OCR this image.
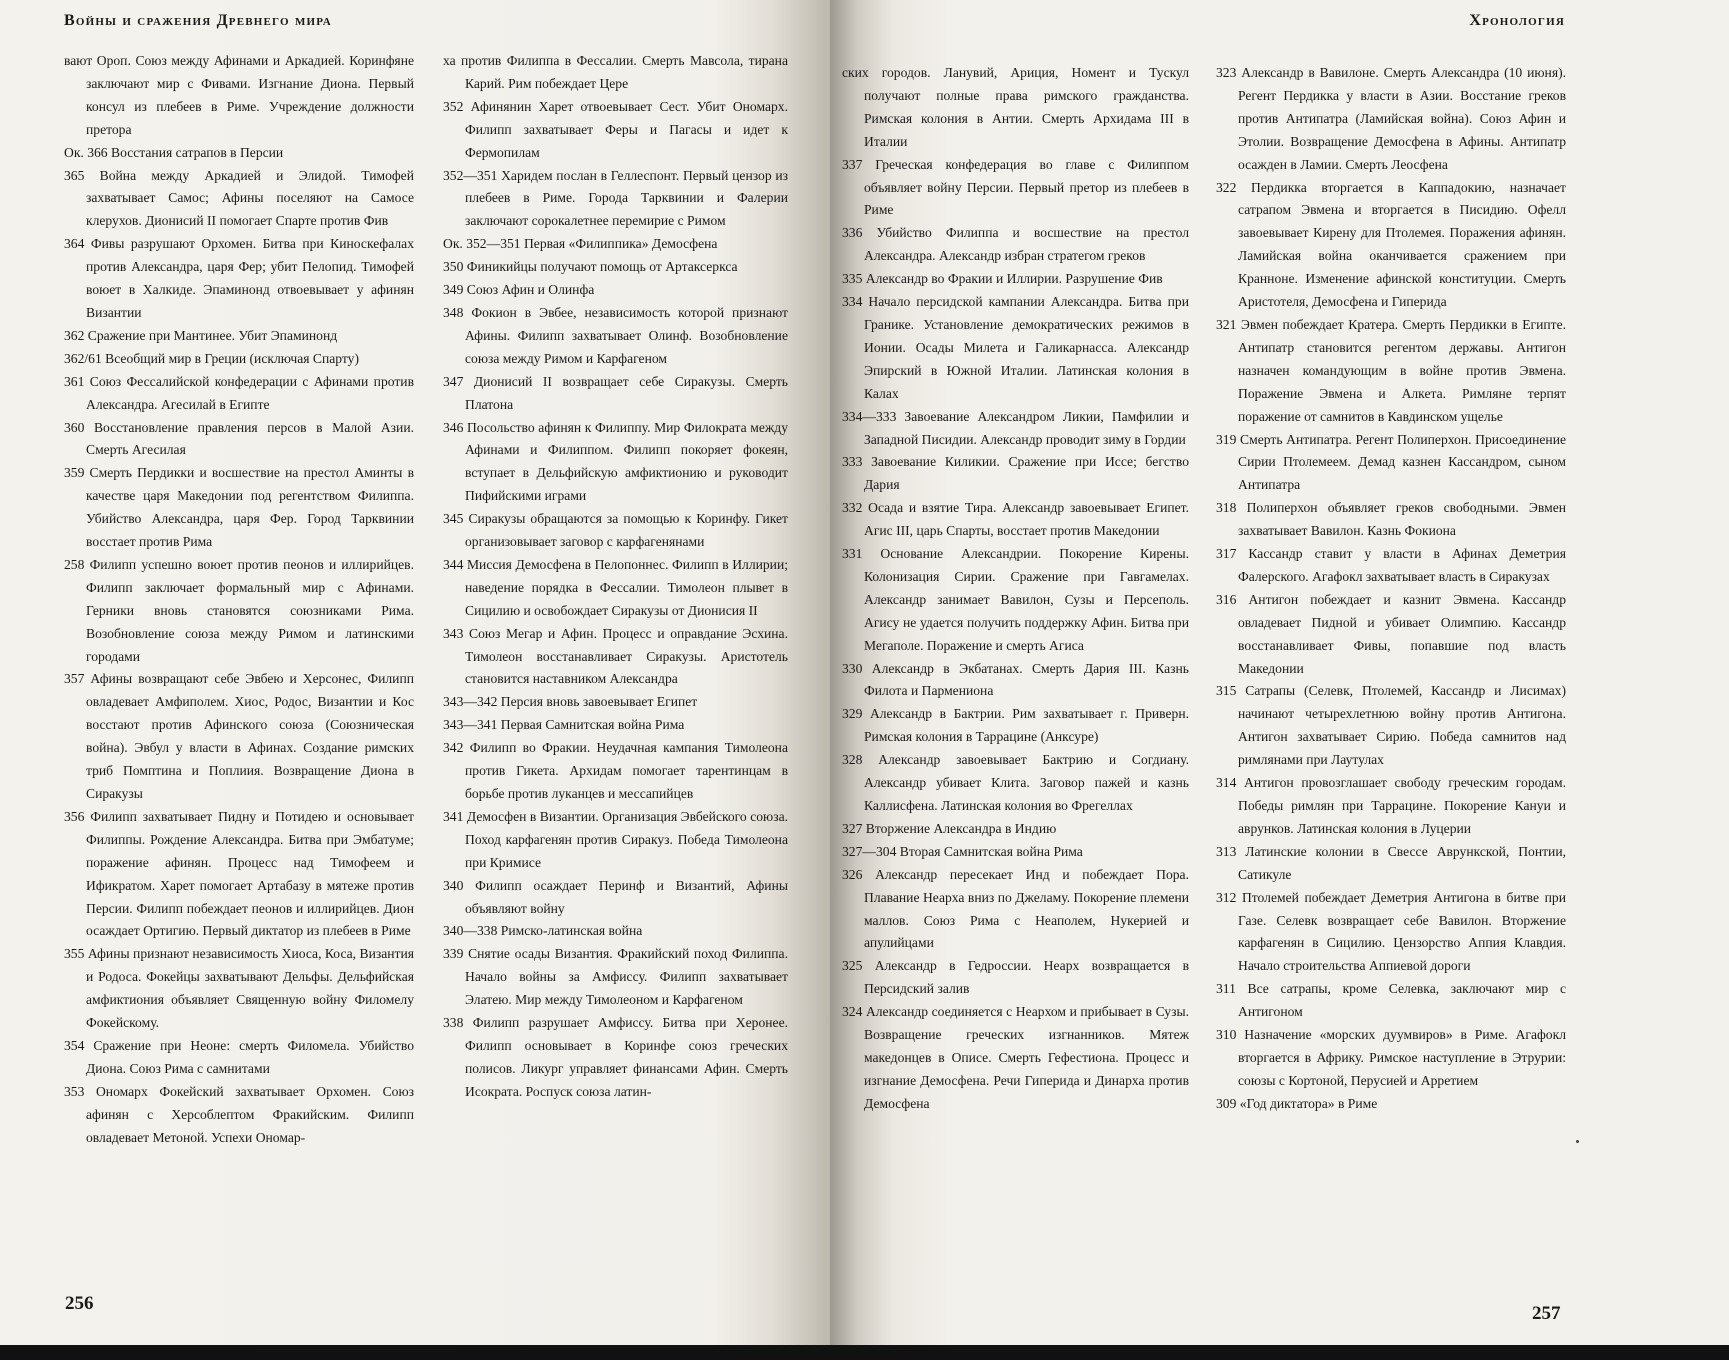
Войны и сражения Древнего мира

вают Ороп. Союз между Афинами и Аркадией. Коринфяне заключают мир с Фивами. Изгнание Диона. Первый консул из плебеев в Риме. Учреждение должности претора

Ок. 366 Восстания сатрапов в Персии

365 Война между Аркадией и Элидой. Тимофей захватывает Самос; Афины поселяют на Самосе клерухов. Дионисий II помогает Спарте против Фив

364 Фивы разрушают Орхомен. Битва при Киноскефалах против Александра, царя Фер; убит Пелопид. Тимофей воюет в Халкиде. Эпаминонд отвоевывает у афинян Византии

362 Сражение при Мантинее. Убит Эпаминонд

362/61 Всеобщий мир в Греции (исключая Спарту)

361 Союз Фессалийской конфедерации с Афинами против Александра. Агесилай в Египте

360 Восстановление правления персов в Малой Азии. Смерть Агесилая

359 Смерть Пердикки и восшествие на престол Аминты в качестве царя Македонии под регентством Филиппа. Убийство Александра, царя Фер. Город Тарквинии восстает против Рима

258 Филипп успешно воюет против пеонов и иллирийцев. Филипп заключает формальный мир с Афинами. Герники вновь становятся союзниками Рима. Возобновление союза между Римом и латинскими городами

357 Афины возвращают себе Эвбею и Херсонес, Филипп овладевает Амфиполем. Хиос, Родос, Византии и Кос восстают против Афинского союза (Союзническая война). Эвбул у власти в Афинах. Создание римских триб Помптина и Поплиия. Возвращение Диона в Сиракузы

356 Филипп захватывает Пидну и Потидею и основывает Филиппы. Рождение Александра. Битва при Эмбатуме; поражение афинян. Процесс над Тимофеем и Ификратом. Харет помогает Артабазу в мятеже против Персии. Филипп побеждает пеонов и иллирийцев. Дион осаждает Ортигию. Первый диктатор из плебеев в Риме

355 Афины признают независимость Хиоса, Коса, Византия и Родоса. Фокейцы захватывают Дельфы. Дельфийская амфиктиония объявляет Священную войну Филомелу Фокейскому.

354 Сражение при Неоне: смерть Филомела. Убийство Диона. Союз Рима с самнитами

353 Ономарх Фокейский захватывает Орхомен. Союз афинян с Херсоблептом Фракийским. Филипп овладевает Метоной. Успехи Ономар-

ха против Филиппа в Фессалии. Смерть Мавсола, тирана Карий. Рим побеждает Цере

352 Афинянин Харет отвоевывает Сест. Убит Ономарх. Филипп захватывает Феры и Пагасы и идет к Фермопилам

352—351 Харидем послан в Геллеспонт. Первый цензор из плебеев в Риме. Города Тарквинии и Фалерии заключают сорокалетнее перемирие с Римом

Ок. 352—351 Первая «Филиппика» Демосфена

350 Финикийцы получают помощь от Артаксеркса

349 Союз Афин и Олинфа

348 Фокион в Эвбее, независимость которой признают Афины. Филипп захватывает Олинф. Возобновление союза между Римом и Карфагеном

347 Дионисий II возвращает себе Сиракузы. Смерть Платона

346 Посольство афинян к Филиппу. Мир Филократа между Афинами и Филиппом. Филипп покоряет фокеян, вступает в Дельфийскую амфиктионию и руководит Пифийскими играми

345 Сиракузы обращаются за помощью к Коринфу. Гикет организовывает заговор с карфагенянами

344 Миссия Демосфена в Пелопоннес. Филипп в Иллирии; наведение порядка в Фессалии. Тимолеон плывет в Сицилию и освобождает Сиракузы от Дионисия II

343 Союз Мегар и Афин. Процесс и оправдание Эсхина. Тимолеон восстанавливает Сиракузы. Аристотель становится наставником Александра

343—342 Персия вновь завоевывает Египет

343—341 Первая Самнитская война Рима

342 Филипп во Фракии. Неудачная кампания Тимолеона против Гикета. Архидам помогает тарентинцам в борьбе против луканцев и мессапийцев

341 Демосфен в Византии. Организация Эвбейского союза. Поход карфагенян против Сиракуз. Победа Тимолеона при Кримисе

340 Филипп осаждает Перинф и Византий, Афины объявляют войну

340—338 Римско-латинская война

339 Снятие осады Византия. Фракийский поход Филиппа. Начало войны за Амфиссу. Филипп захватывает Элатею. Мир между Тимолеоном и Карфагеном

338 Филипп разрушает Амфиссу. Битва при Херонее. Филипп основывает в Коринфе союз греческих полисов. Ликург управляет финансами Афин. Смерть Исократа. Роспуск союза латин-

256
Хронология

ских городов. Ланувий, Ариция, Номент и Тускул получают полные права римского гражданства. Римская колония в Антии. Смерть Архидама III в Италии

337 Греческая конфедерация во главе с Филиппом объявляет войну Персии. Первый претор из плебеев в Риме

336 Убийство Филиппа и восшествие на престол Александра. Александр избран стратегом греков

335 Александр во Фракии и Иллирии. Разрушение Фив

334 Начало персидской кампании Александра. Битва при Гранике. Установление демократических режимов в Ионии. Осады Милета и Галикарнасса. Александр Эпирский в Южной Италии. Латинская колония в Калах

334—333 Завоевание Александром Ликии, Памфилии и Западной Писидии. Александр проводит зиму в Гордии

333 Завоевание Киликии. Сражение при Иссе; бегство Дария

332 Осада и взятие Тира. Александр завоевывает Египет. Агис III, царь Спарты, восстает против Македонии

331 Основание Александрии. Покорение Кирены. Колонизация Сирии. Сражение при Гавгамелах. Александр занимает Вавилон, Сузы и Персеполь. Агису не удается получить поддержку Афин. Битва при Мегаполе. Поражение и смерть Агиса

330 Александр в Экбатанах. Смерть Дария III. Казнь Филота и Пармениона

329 Александр в Бактрии. Рим захватывает г. Приверн. Римская колония в Таррацине (Анксуре)

328 Александр завоевывает Бактрию и Согдиану. Александр убивает Клита. Заговор пажей и казнь Каллисфена. Латинская колония во Фрегеллах

327 Вторжение Александра в Индию

327—304 Вторая Самнитская война Рима

326 Александр пересекает Инд и побеждает Пора. Плавание Неарха вниз по Джеламу. Покорение племени маллов. Союз Рима с Неаполем, Нукерией и апулийцами

325 Александр в Гедроссии. Неарх возвращается в Персидский залив

324 Александр соединяется с Неархом и прибывает в Сузы. Возвращение греческих изгнанников. Мятеж македонцев в Описе. Смерть Гефестиона. Процесс и изгнание Демосфена. Речи Гиперида и Динарха против Демосфена

323 Александр в Вавилоне. Смерть Александра (10 июня). Регент Пердикка у власти в Азии. Восстание греков против Антипатра (Ламийская война). Союз Афин и Этолии. Возвращение Демосфена в Афины. Антипатр осажден в Ламии. Смерть Леосфена

322 Пердикка вторгается в Каппадокию, назначает сатрапом Эвмена и вторгается в Писидию. Офелл завоевывает Кирену для Птолемея. Поражения афинян. Ламийская война оканчивается сражением при Кранноне. Изменение афинской конституции. Смерть Аристотеля, Демосфена и Гиперида

321 Эвмен побеждает Кратера. Смерть Пердикки в Египте. Антипатр становится регентом державы. Антигон назначен командующим в войне против Эвмена. Поражение Эвмена и Алкета. Римляне терпят поражение от самнитов в Кавдинском ущелье

319 Смерть Антипатра. Регент Полиперхон. Присоединение Сирии Птолемеем. Демад казнен Кассандром, сыном Антипатра

318 Полиперхон объявляет греков свободными. Эвмен захватывает Вавилон. Казнь Фокиона

317 Кассандр ставит у власти в Афинах Деметрия Фалерского. Агафокл захватывает власть в Сиракузах

316 Антигон побеждает и казнит Эвмена. Кассандр овладевает Пидной и убивает Олимпию. Кассандр восстанавливает Фивы, попавшие под власть Македонии

315 Сатрапы (Селевк, Птолемей, Кассандр и Лисимах) начинают четырехлетнюю войну против Антигона. Антигон захватывает Сирию. Победа самнитов над римлянами при Лаутулах

314 Антигон провозглашает свободу греческим городам. Победы римлян при Таррацине. Покорение Кануи и аврунков. Латинская колония в Луцерии

313 Латинские колонии в Свессе Аврункской, Понтии, Сатикуле

312 Птолемей побеждает Деметрия Антигона в битве при Газе. Селевк возвращает себе Вавилон. Вторжение карфагенян в Сицилию. Цензорство Аппия Клавдия. Начало строительства Аппиевой дороги

311 Все сатрапы, кроме Селевка, заключают мир с Антигоном

310 Назначение «морских дуумвиров» в Риме. Агафокл вторгается в Африку. Римское наступление в Этрурии: союзы с Кортоной, Перусией и Арретием

309 «Год диктатора» в Риме

257
